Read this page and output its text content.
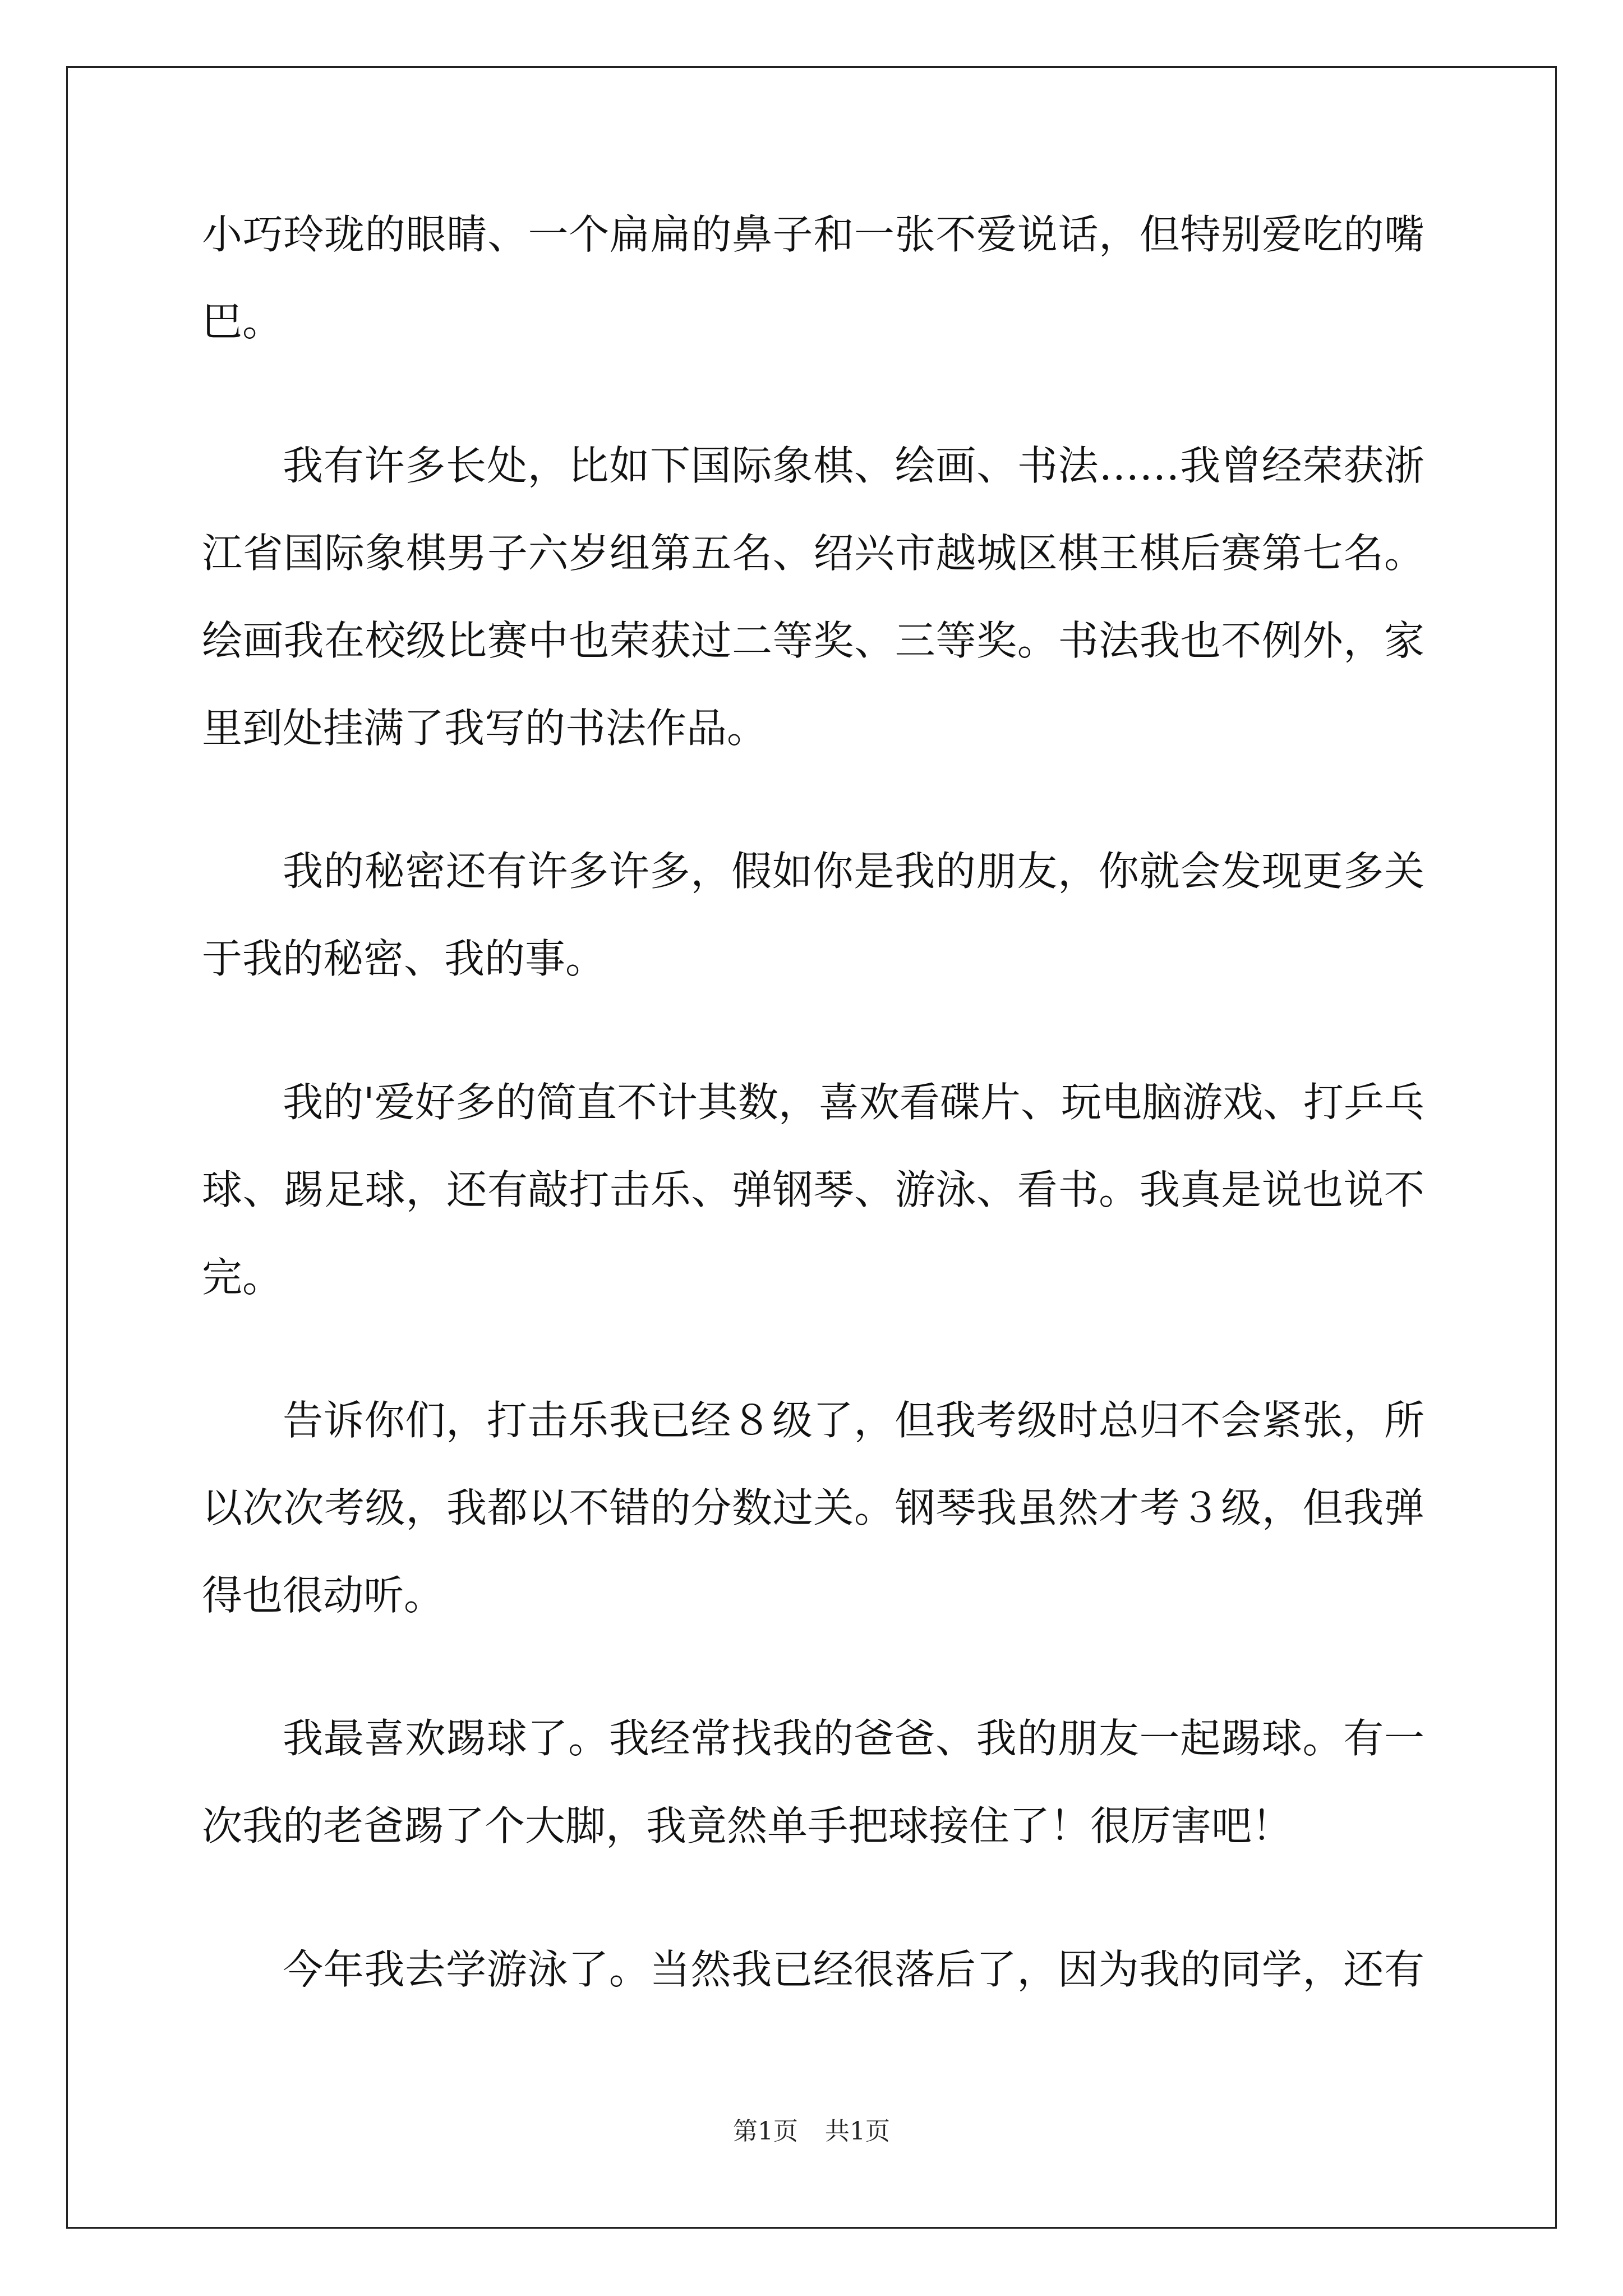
小巧玲珑的眼睛、一个扁扁的鼻子和一张不爱说话，但特别爱吃的嘴
巴。
我有许多长处，比如下国际象棋、绘画、书法……我曾经荣获浙
江省国际象棋男子六岁组第五名、绍兴市越城区棋王棋后赛第七名。
绘画我在校级比赛中也荣获过二等奖、三等奖。书法我也不例外，家
里到处挂满了我写的书法作品。
我的秘密还有许多许多，假如你是我的朋友，你就会发现更多关
于我的秘密、我的事。
我的'爱好多的简直不计其数，喜欢看碟片、玩电脑游戏、打乒乓
球、踢足球，还有敲打击乐、弹钢琴、游泳、看书。我真是说也说不
完。
告诉你们，打击乐我已经８级了，但我考级时总归不会紧张，所
以次次考级，我都以不错的分数过关。钢琴我虽然才考３级，但我弹
得也很动听。
我最喜欢踢球了。我经常找我的爸爸、我的朋友一起踢球。有一
次我的老爸踢了个大脚，我竟然单手把球接住了！很厉害吧！
今年我去学游泳了。当然我已经很落后了，因为我的同学，还有
第1页 共1页
